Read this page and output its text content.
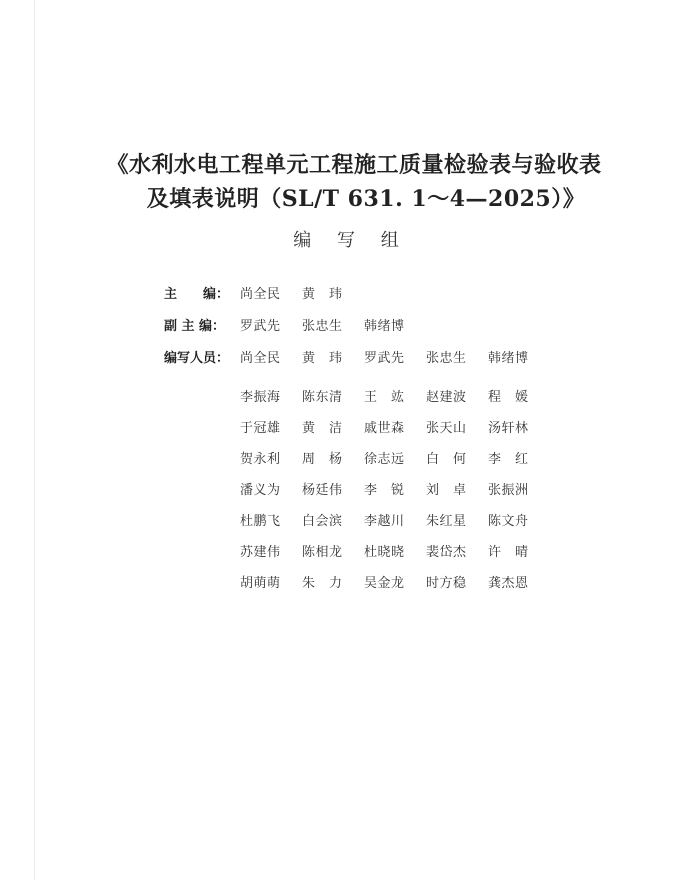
《水利水电工程单元工程施工质量检验表与验收表
及填表说明（SL/T 631. 1～4—2025）》
编 写 组
主　　编： 尚全民	黄　玮
副 主 编：	罗武先	张忠生	韩绪博
编写人员： 尚全民	黄　玮	罗武先	张忠生	韩绪博
李振海	陈东清	王　竑	赵建波	程　媛
于冠雄	黄　洁	戚世森	张天山	汤轩林
贺永利	周　杨	徐志远	白　何	李　红
潘义为	杨廷伟	李　锐	刘　卓	张振洲
杜鹏飞	白会滨	李越川	朱红星	陈文舟
苏建伟	陈相龙	杜晓晓	裴岱杰	许　晴
胡萌萌	朱　力	吴金龙	时方稳	龚杰恩
